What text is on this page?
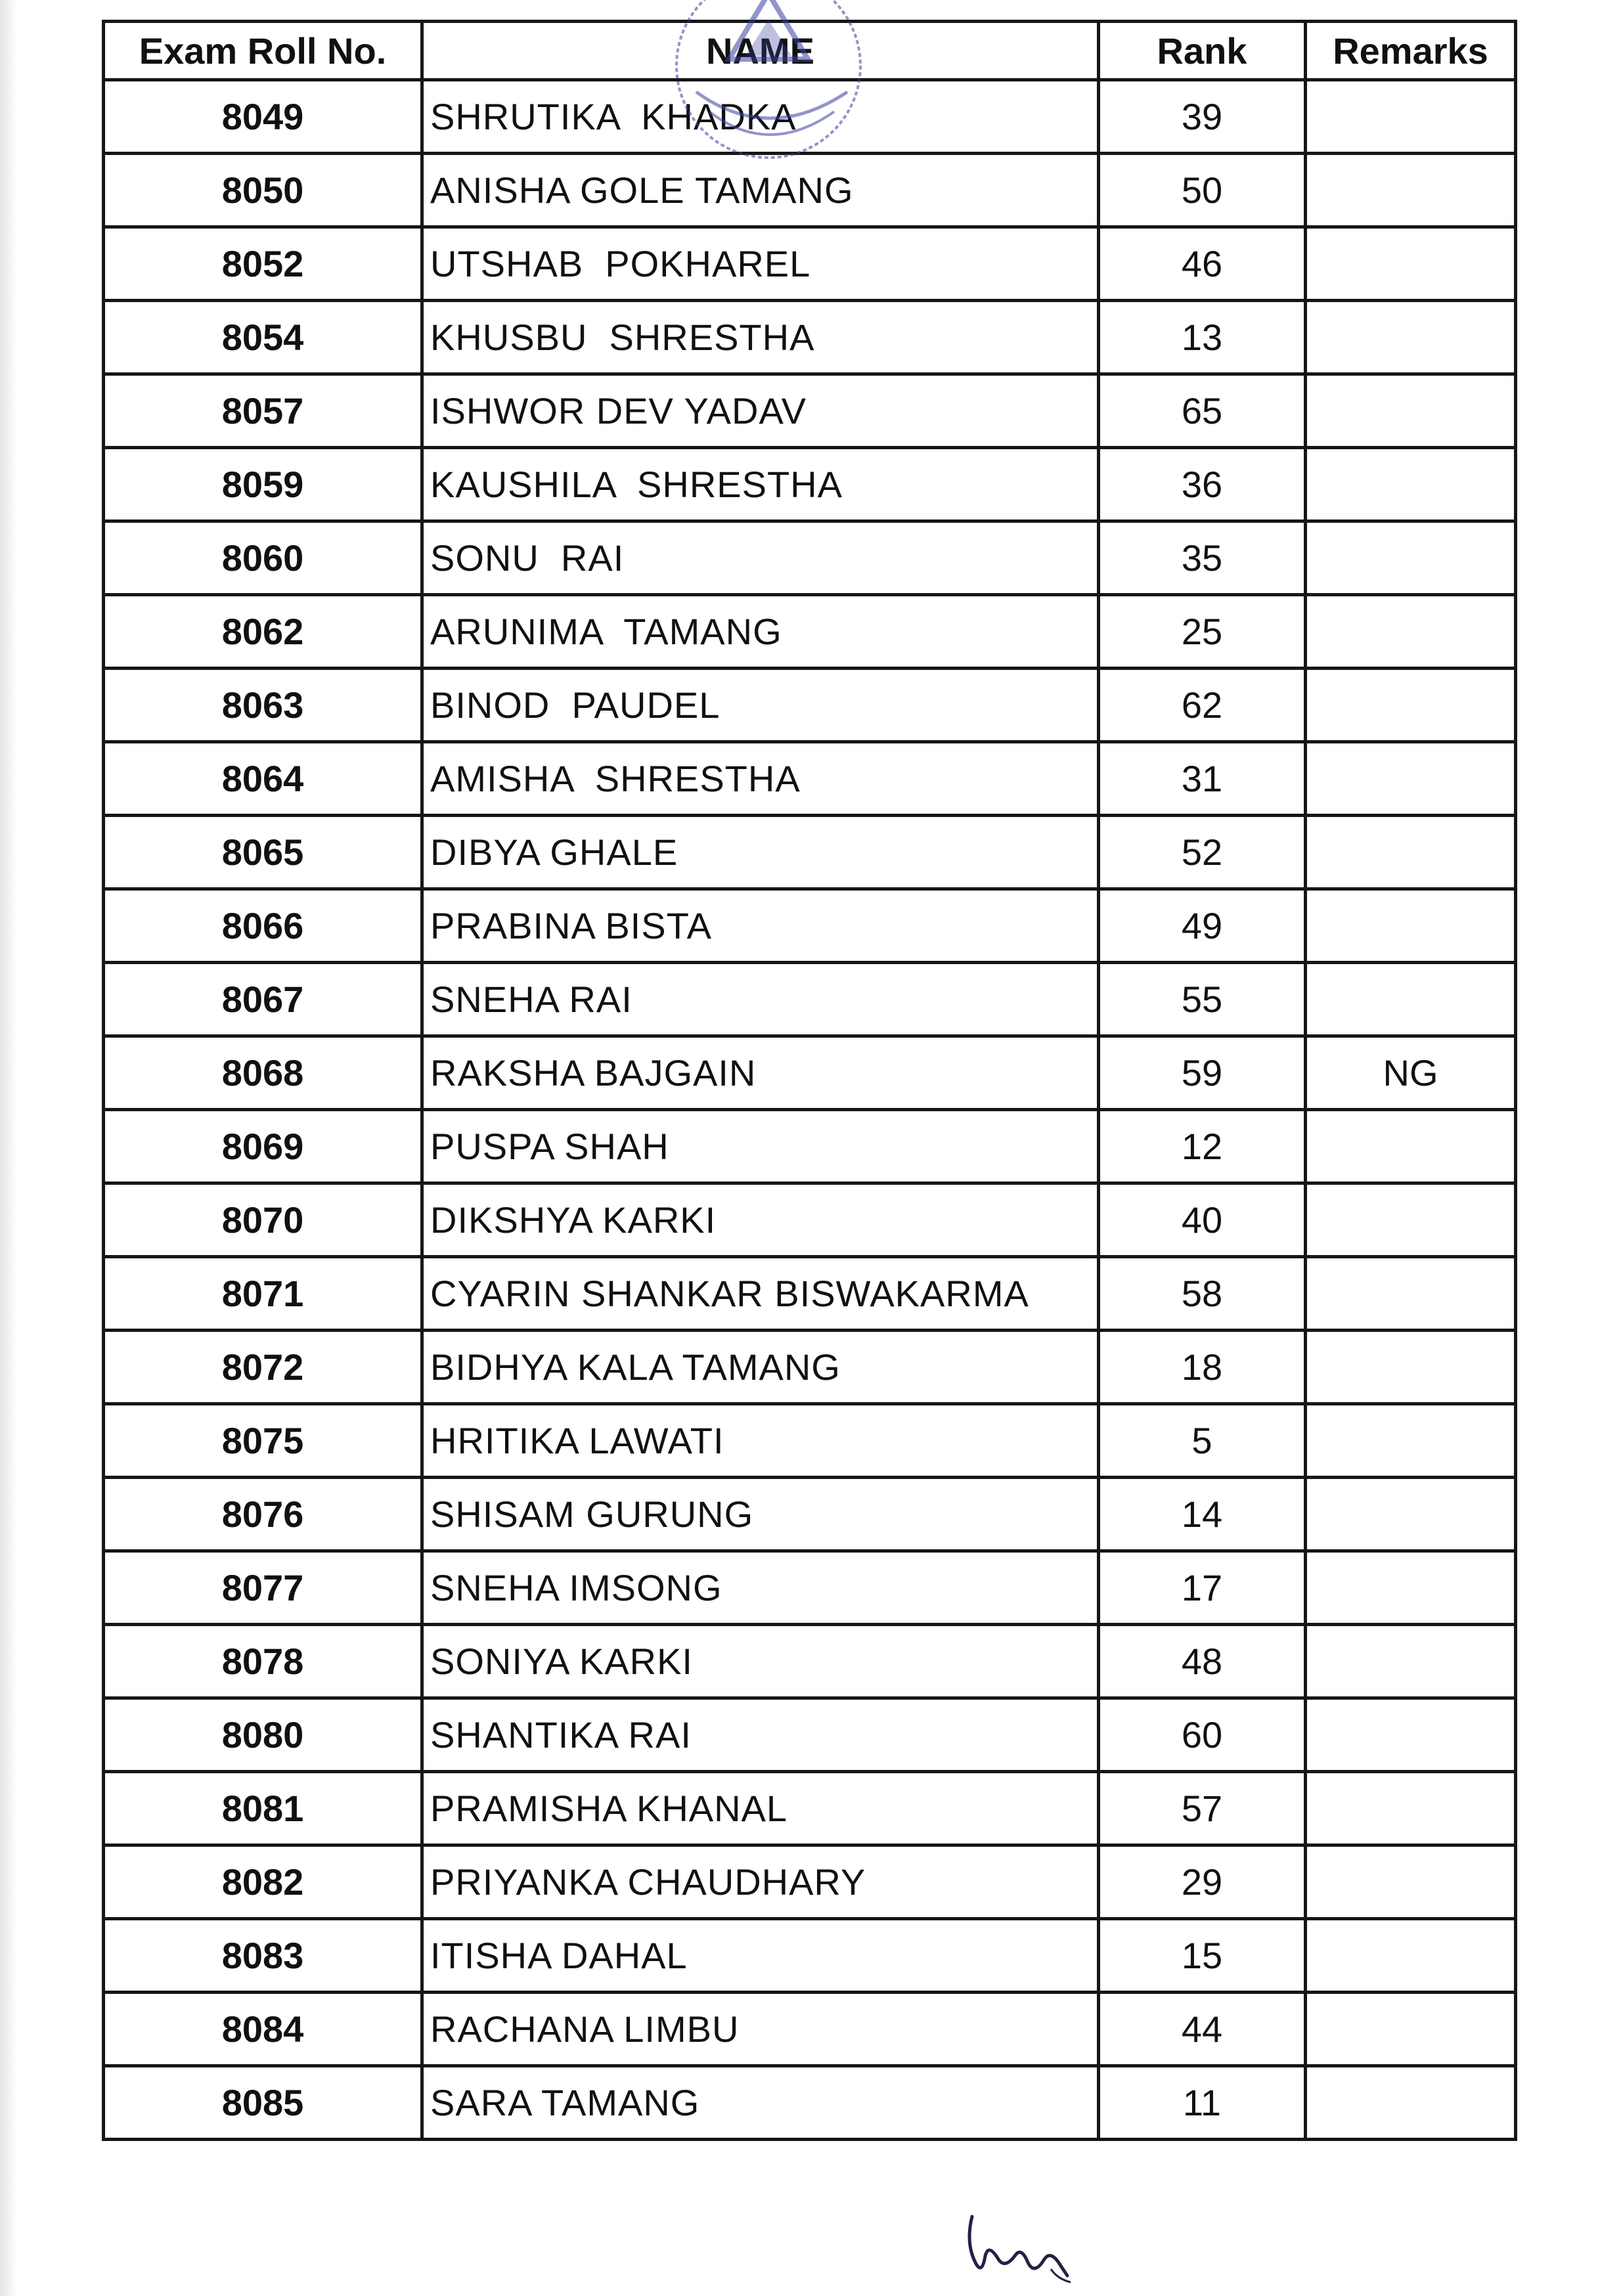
Exam Roll No.	NAME	Rank	Remarks
8049	SHRUTIKA  KHADKA	39	
8050	ANISHA GOLE TAMANG	50	
8052	UTSHAB  POKHAREL	46	
8054	KHUSBU  SHRESTHA	13	
8057	ISHWOR DEV YADAV	65	
8059	KAUSHILA  SHRESTHA	36	
8060	SONU  RAI	35	
8062	ARUNIMA  TAMANG	25	
8063	BINOD  PAUDEL	62	
8064	AMISHA  SHRESTHA	31	
8065	DIBYA GHALE	52	
8066	PRABINA BISTA	49	
8067	SNEHA RAI	55	
8068	RAKSHA BAJGAIN	59	NG
8069	PUSPA SHAH	12	
8070	DIKSHYA KARKI	40	
8071	CYARIN SHANKAR BISWAKARMA	58	
8072	BIDHYA KALA TAMANG	18	
8075	HRITIKA LAWATI	5	
8076	SHISAM GURUNG	14	
8077	SNEHA IMSONG	17	
8078	SONIYA KARKI	48	
8080	SHANTIKA RAI	60	
8081	PRAMISHA KHANAL	57	
8082	PRIYANKA CHAUDHARY	29	
8083	ITISHA DAHAL	15	
8084	RACHANA LIMBU	44	
8085	SARA TAMANG	11	
